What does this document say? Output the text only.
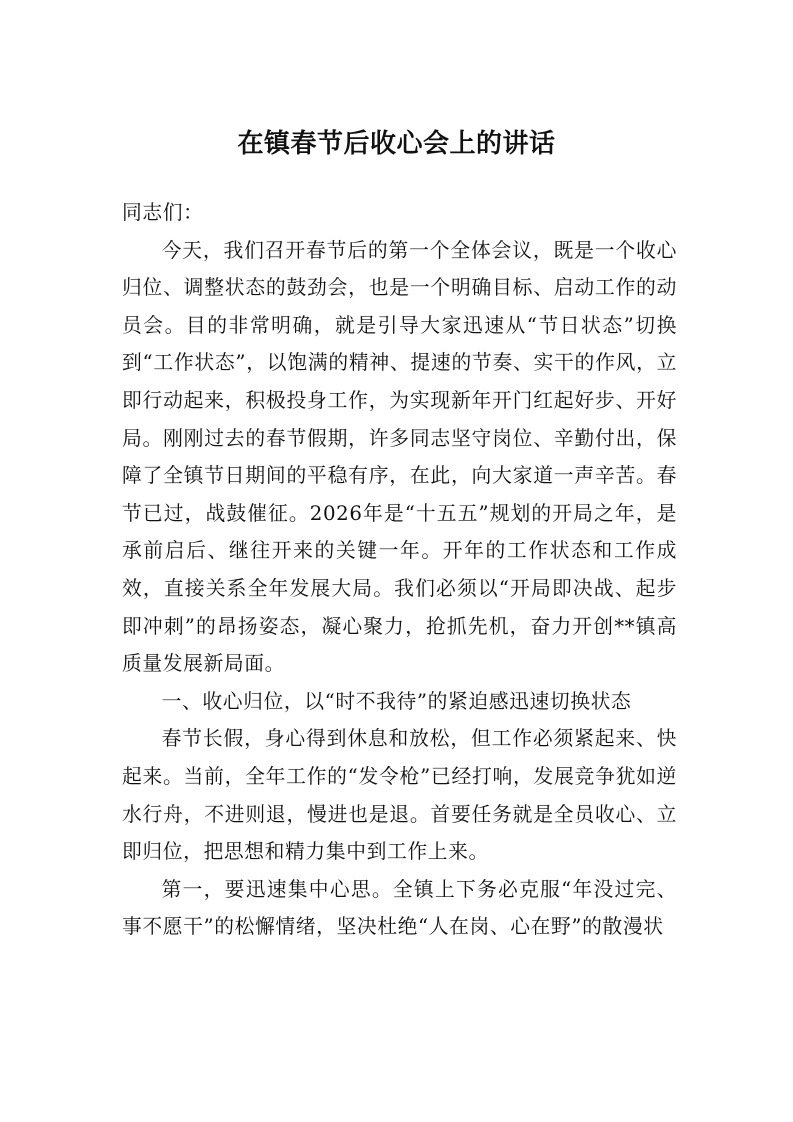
在镇春节后收心会上的讲话

同志们：

今天，我们召开春节后的第一个全体会议，既是一个收心归位、调整状态的鼓劲会，也是一个明确目标、启动工作的动员会。目的非常明确，就是引导大家迅速从“节日状态”切换到“工作状态”，以饱满的精神、提速的节奏、实干的作风，立即行动起来，积极投身工作，为实现新年开门红起好步、开好局。刚刚过去的春节假期，许多同志坚守岗位、辛勤付出，保障了全镇节日期间的平稳有序，在此，向大家道一声辛苦。春节已过，战鼓催征。2026年是“十五五”规划的开局之年，是承前启后、继往开来的关键一年。开年的工作状态和工作成效，直接关系全年发展大局。我们必须以“开局即决战、起步即冲刺”的昂扬姿态，凝心聚力，抢抓先机，奋力开创**镇高质量发展新局面。

一、收心归位，以“时不我待”的紧迫感迅速切换状态

春节长假，身心得到休息和放松，但工作必须紧起来、快起来。当前，全年工作的“发令枪”已经打响，发展竞争犹如逆水行舟，不进则退，慢进也是退。首要任务就是全员收心、立即归位，把思想和精力集中到工作上来。

第一，要迅速集中心思。全镇上下务必克服“年没过完、事不愿干”的松懈情绪，坚决杜绝“人在岗、心在野”的散漫状
